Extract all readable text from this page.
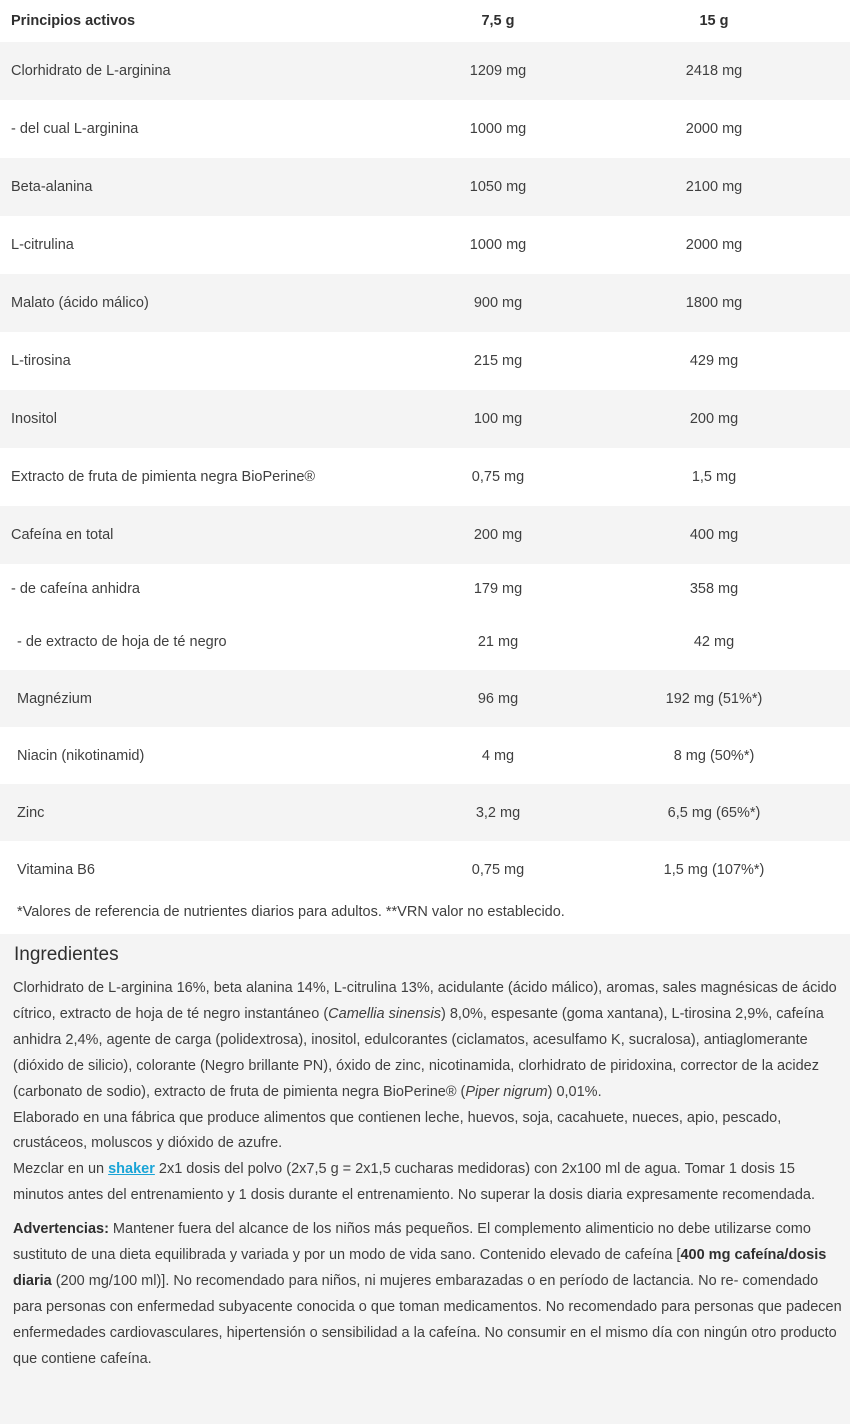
Principios activos	7,5 g	15 g
Clorhidrato de L-arginina	1209 mg	2418 mg
- del cual L-arginina	1000 mg	2000 mg
Beta-alanina	1050 mg	2100 mg
L-citrulina	1000 mg	2000 mg
Malato (ácido málico)	900 mg	1800 mg
L-tirosina	215 mg	429 mg
Inositol	100 mg	200 mg
Extracto de fruta de pimienta negra BioPerine®	0,75 mg	1,5 mg
Cafeína en total	200 mg	400 mg
- de cafeína anhidra	179 mg	358 mg
- de extracto de hoja de té negro	21 mg	42 mg
Magnézium	96 mg	192 mg (51%*)
Niacin (nikotinamid)	4 mg	8 mg (50%*)
Zinc	3,2 mg	6,5 mg (65%*)
Vitamina B6	0,75 mg	1,5 mg (107%*)
*Valores de referencia de nutrientes diarios para adultos. **VRN valor no establecido.
Ingredientes

Clorhidrato de L-arginina 16%, beta alanina 14%, L-citrulina 13%, acidulante (ácido málico), aromas, sales magnésicas de ácido cítrico, extracto de hoja de té negro instantáneo (Camellia sinensis) 8,0%, espesante (goma xantana), L-tirosina 2,9%, cafeína anhidra 2,4%, agente de carga (polidextrosa), inositol, edulcorantes (ciclamatos, acesulfamo K, sucralosa), antiaglomerante (dióxido de silicio), colorante (Negro brillante PN), óxido de zinc, nicotinamida, clorhidrato de piridoxina, corrector de la acidez (carbonato de sodio), extracto de fruta de pimienta negra BioPerine® (Piper nigrum) 0,01%.

Elaborado en una fábrica que produce alimentos que contienen leche, huevos, soja, cacahuete, nueces, apio, pescado, crustáceos, moluscos y dióxido de azufre.

Mezclar en un shaker 2x1 dosis del polvo (2x7,5 g = 2x1,5 cucharas medidoras) con 2x100 ml de agua. Tomar 1 dosis 15 minutos antes del entrenamiento y 1 dosis durante el entrenamiento. No superar la dosis diaria expresamente recomendada.

Advertencias: Mantener fuera del alcance de los niños más pequeños. El complemento alimenticio no debe utilizarse como sustituto de una dieta equilibrada y variada y por un modo de vida sano. Contenido elevado de cafeína [400 mg cafeína/dosis diaria (200 mg/100 ml)]. No recomendado para niños, ni mujeres embarazadas o en período de lactancia. No re- comendado para personas con enfermedad subyacente conocida o que toman medicamentos. No recomendado para personas que padecen enfermedades cardiovasculares, hipertensión o sensibilidad a la cafeína. No consumir en el mismo día con ningún otro producto que contiene cafeína.
